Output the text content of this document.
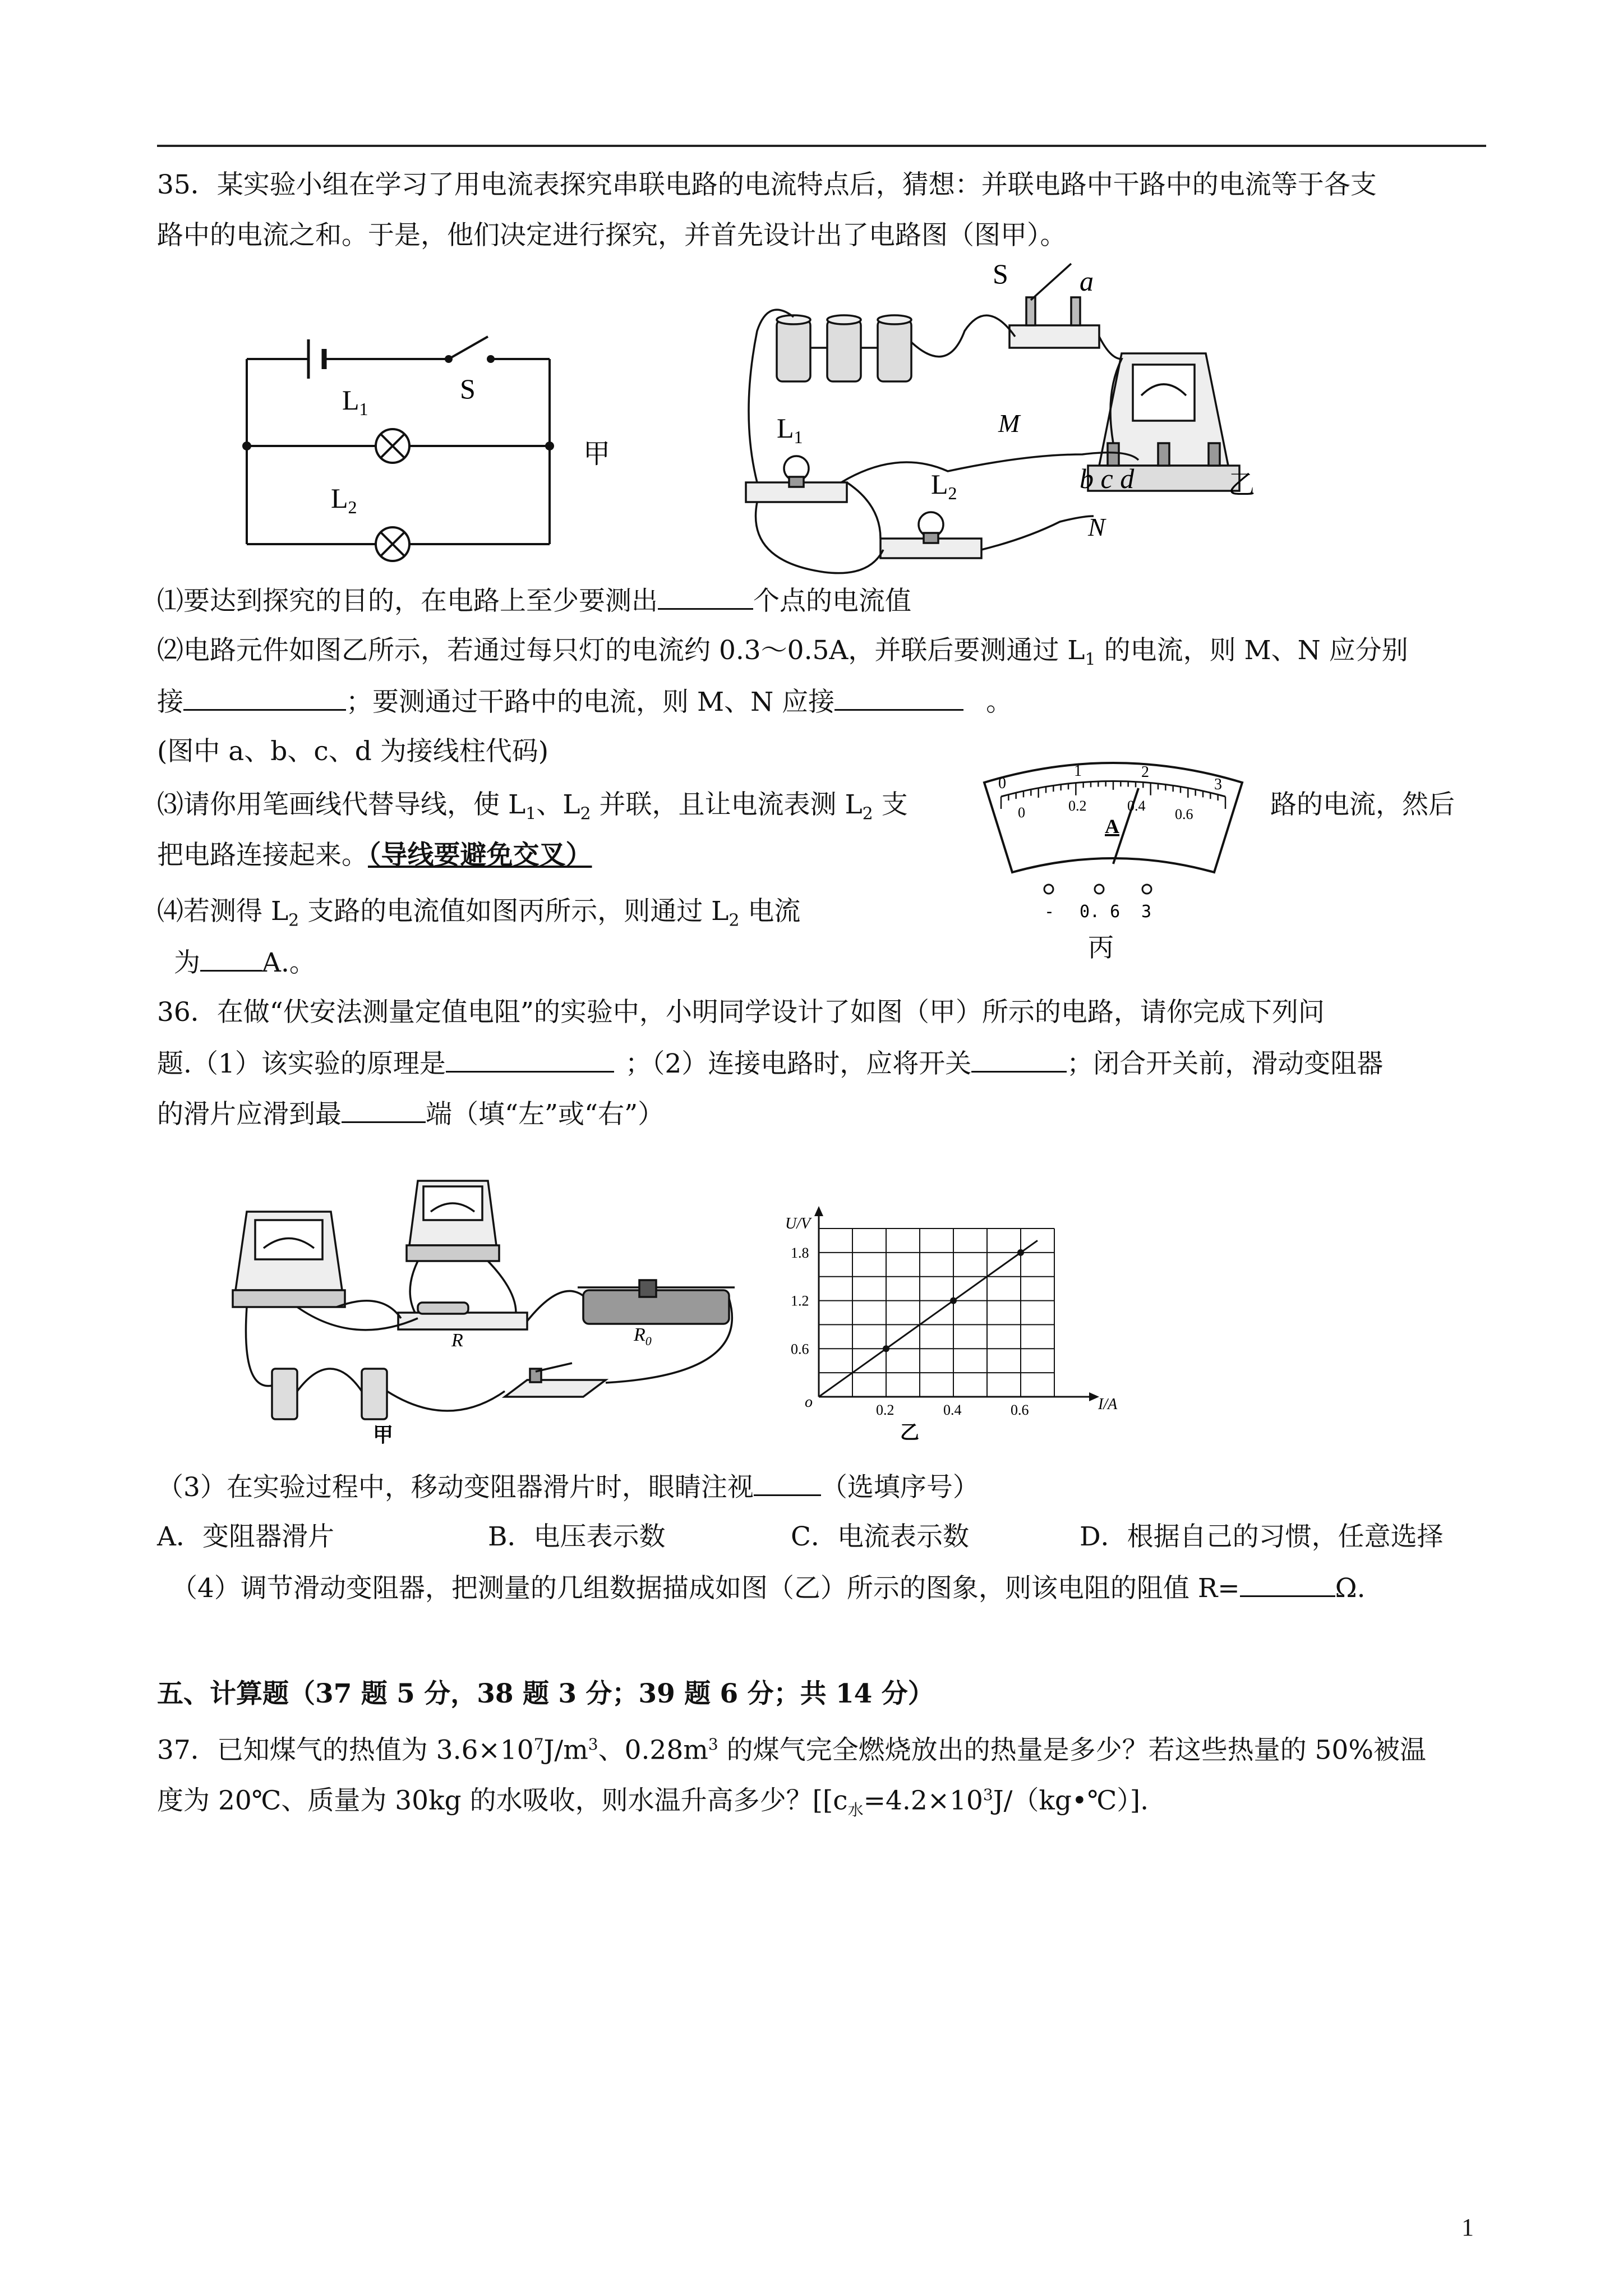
35．某实验小组在学习了用电流表探究串联电路的电流特点后，猜想：并联电路中干路中的电流等于各支
路中的电流之和。于是，他们决定进行探究，并首先设计出了电路图（图甲）。
$L_1$
$L_2$
S
甲
S	a
$L_1$
$L_2$
M
N
b c d	乙
⑴要达到探究的目的，在电路上至少要测出	个点的电流值
⑵电路元件如图乙所示，若通过每只灯的电流约 0.3～0.5A，并联后要测通过 $L_1$ 的电流，则 M、N 应分别
接	；要测通过干路中的电流，则 M、N 应接	。
(图中 a、b、c、d 为接线柱代码)
⑶请你用笔画线代替导线，使 $L_1$、$L_2$ 并联，且让电流表测 $L_2$ 支	路的电流，然后
把电路连接起来。（导线要避免交叉）
⑷若测得 $L_2$ 支路的电流值如图丙所示，则通过 $L_2$ 电流
为 A.。
0
1	2
3
0	0.2	0.4
0.6
A
- 0. 6 3
丙
36．在做“伏安法测量定值电阻”的实验中，小明同学设计了如图（甲）所示的电路，请你完成下列问
题.（1）该实验的原理是	；（2）连接电路时，应将开关	；闭合开关前，滑动变阻器
的滑片应滑到最	端（填“左”或“右”）
R	$R_0$
甲
0.2	0.4	0.6
0.6
1.2
1.8
U/V
I/A
o
乙
（3）在实验过程中，移动变阻器滑片时，眼睛注视	（选填序号）
A．变阻器滑片	B．电压表示数	C．电流表示数	D．根据自己的习惯，任意选择
（4）调节滑动变阻器，把测量的几组数据描成如图（乙）所示的图象，则该电阻的阻值 R=	Ω.
五、计算题（37 题 5 分，38 题 3 分；39 题 6 分；共 14 分）
37．已知煤气的热值为 $3.6\times 10^7J/m^3$、$0.28m^3$ 的煤气完全燃烧放出的热量是多少？若这些热量的 50%被温
度为 20℃、质量为 30kg 的水吸收，则水温升高多少？[$[c_水=4.2\times 10^3J/(kg•℃)]$.
1
